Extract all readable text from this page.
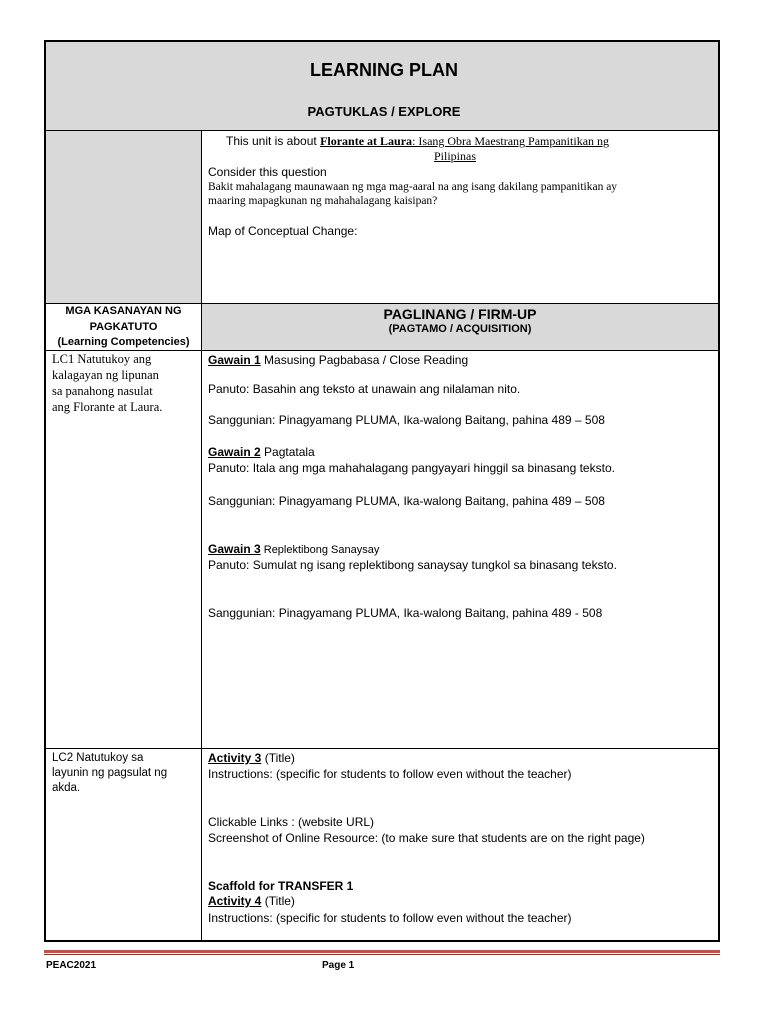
LEARNING PLAN
PAGTUKLAS / EXPLORE
This unit is about Florante at Laura: Isang Obra Maestrang Pampanitikan ng
Pilipinas
Consider this question
Bakit mahalagang maunawaan ng mga mag-aaral na ang isang dakilang pampanitikan ay
maaring mapagkunan ng mahahalagang kaisipan?
Map of Conceptual Change:
MGA KASANAYAN NG
PAGKATUTO
(Learning Competencies)
PAGLINANG / FIRM-UP
(PAGTAMO / ACQUISITION)
LC1 Natutukoy ang
kalagayan ng lipunan
sa panahong nasulat
ang Florante at Laura.
Gawain 1 Masusing Pagbabasa / Close Reading
Panuto: Basahin ang teksto at unawain ang nilalaman nito.
Sanggunian: Pinagyamang PLUMA, Ika-walong Baitang, pahina 489 – 508
Gawain 2 Pagtatala
Panuto: Itala ang mga mahahalagang pangyayari hinggil sa binasang teksto.
Sanggunian: Pinagyamang PLUMA, Ika-walong Baitang, pahina 489 – 508
Gawain 3 Replektibong Sanaysay
Panuto: Sumulat ng isang replektibong sanaysay tungkol sa binasang teksto.
Sanggunian: Pinagyamang PLUMA, Ika-walong Baitang, pahina 489 - 508
LC2 Natutukoy sa
layunin ng pagsulat ng
akda.
Activity 3 (Title)
Instructions: (specific for students to follow even without the teacher)
Clickable Links : (website URL)
Screenshot of Online Resource: (to make sure that students are on the right page)
Scaffold for TRANSFER 1
Activity 4 (Title)
Instructions: (specific for students to follow even without the teacher)
PEAC2021	Page 1
